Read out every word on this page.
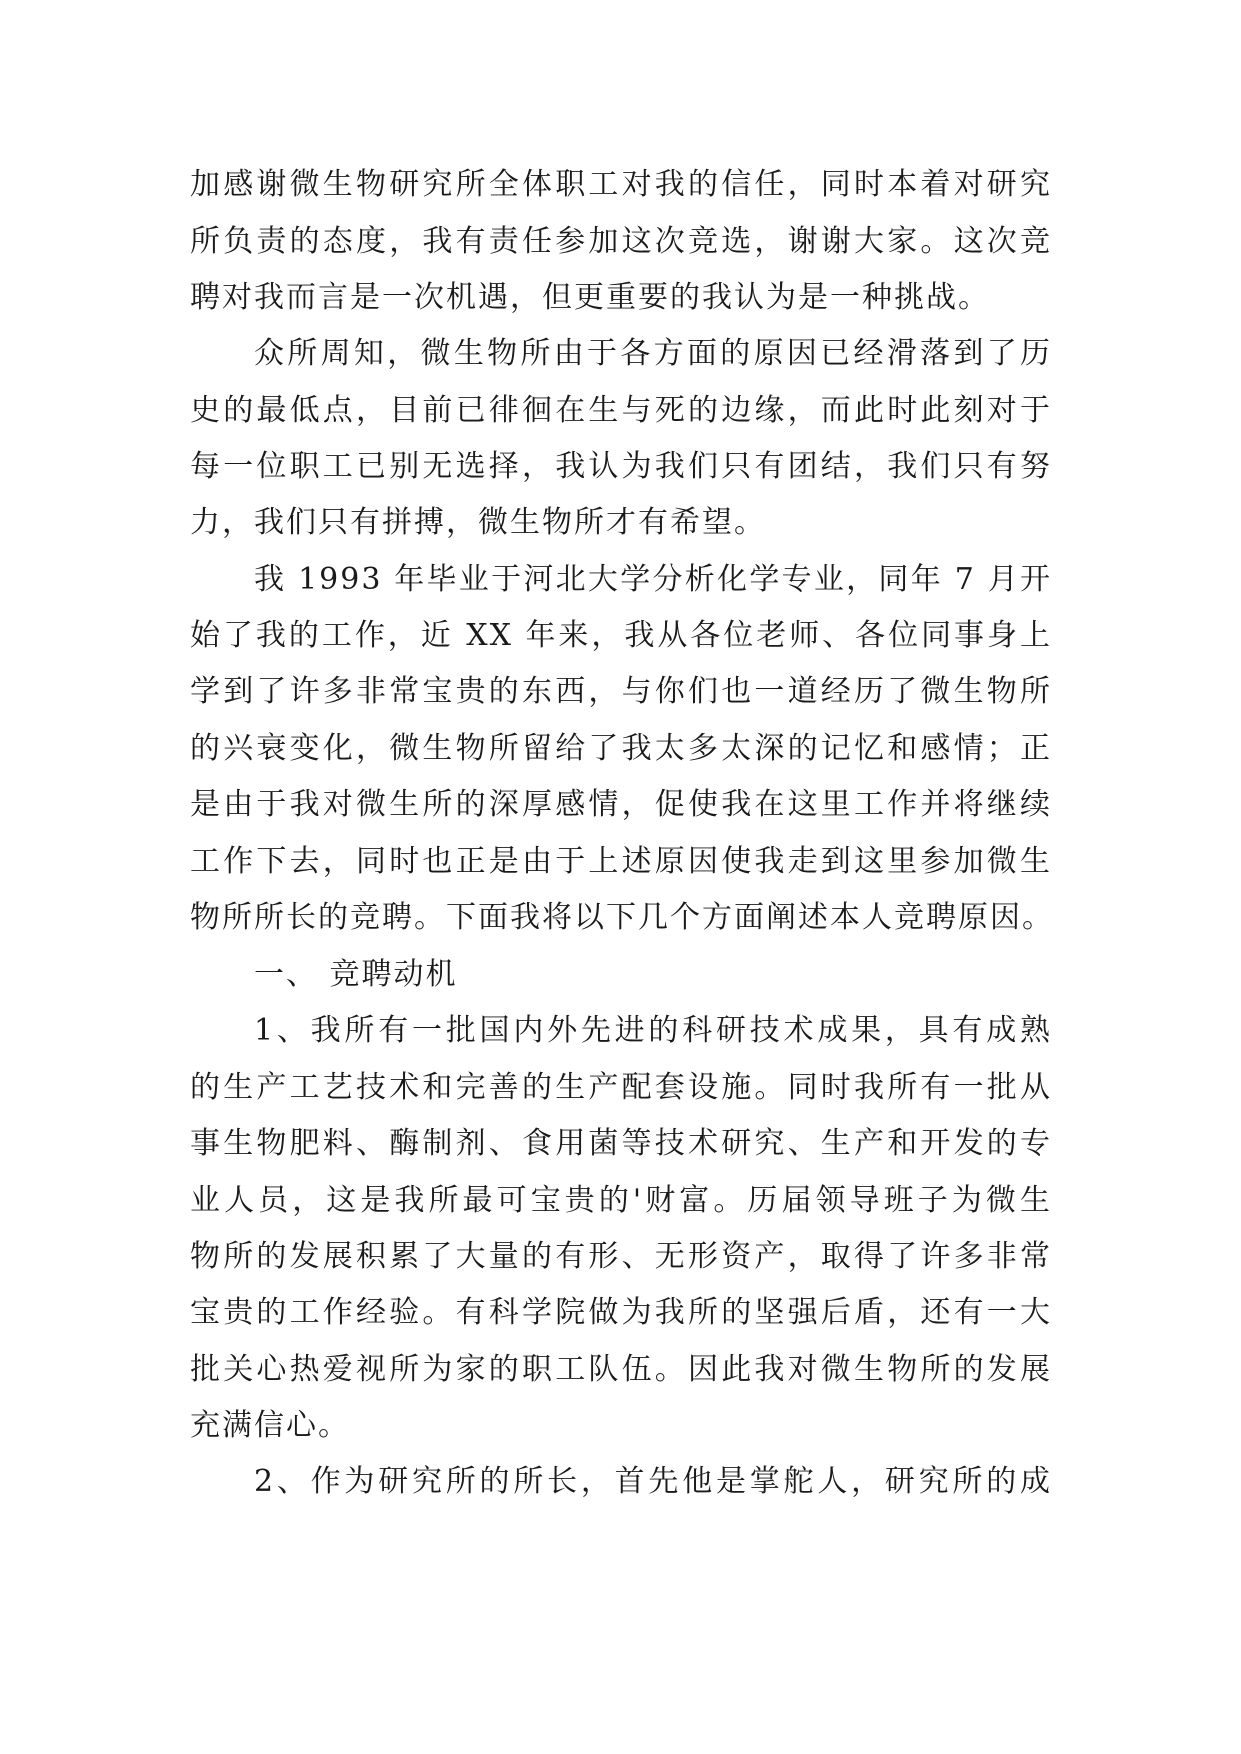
加感谢微生物研究所全体职工对我的信任，同时本着对研究
所负责的态度，我有责任参加这次竞选，谢谢大家。这次竞
聘对我而言是一次机遇，但更重要的我认为是一种挑战。
众所周知，微生物所由于各方面的原因已经滑落到了历
史的最低点，目前已徘徊在生与死的边缘，而此时此刻对于
每一位职工已别无选择，我认为我们只有团结，我们只有努
力，我们只有拼搏，微生物所才有希望。
我 1993 年毕业于河北大学分析化学专业，同年 7 月开
始了我的工作，近 XX 年来，我从各位老师、各位同事身上
学到了许多非常宝贵的东西，与你们也一道经历了微生物所
的兴衰变化，微生物所留给了我太多太深的记忆和感情；正
是由于我对微生所的深厚感情，促使我在这里工作并将继续
工作下去，同时也正是由于上述原因使我走到这里参加微生
物所所长的竞聘。下面我将以下几个方面阐述本人竞聘原因。
一、 竞聘动机
1、我所有一批国内外先进的科研技术成果，具有成熟
的生产工艺技术和完善的生产配套设施。同时我所有一批从
事生物肥料、酶制剂、食用菌等技术研究、生产和开发的专
业人员，这是我所最可宝贵的'财富。历届领导班子为微生
物所的发展积累了大量的有形、无形资产，取得了许多非常
宝贵的工作经验。有科学院做为我所的坚强后盾，还有一大
批关心热爱视所为家的职工队伍。因此我对微生物所的发展
充满信心。
2、作为研究所的所长，首先他是掌舵人，研究所的成
